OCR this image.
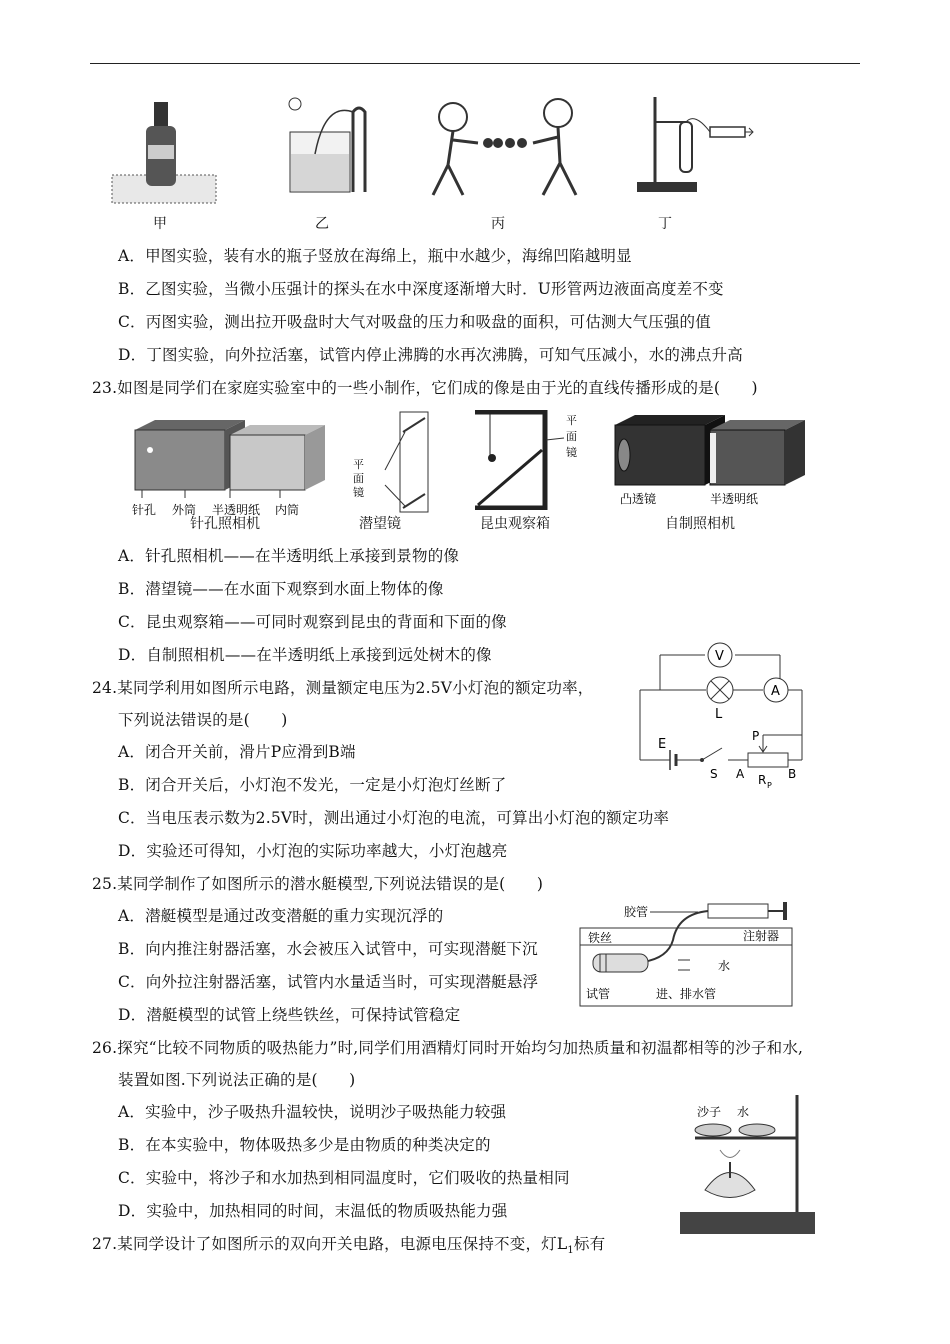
甲	乙	丙	丁
A．甲图实验，装有水的瓶子竖放在海绵上，瓶中水越少，海绵凹陷越明显
B．乙图实验，当微小压强计的探头在水中深度逐渐增大时．U形管两边液面高度差不变
C．丙图实验，测出拉开吸盘时大气对吸盘的压力和吸盘的面积，可估测大气压强的值
D．丁图实验，向外拉活塞，试管内停止沸腾的水再次沸腾，可知气压减小，水的沸点升高
23.如图是同学们在家庭实验室中的一些小制作，它们成的像是由于光的直线传播形成的是(　　)
针孔 外筒 半透明纸 内筒
针孔照相机
平
面
镜
潜望镜
平
面
镜
昆虫观察箱
凸透镜	半透明纸
自制照相机
A．针孔照相机——在半透明纸上承接到景物的像
B．潜望镜——在水面下观察到水面上物体的像
C．昆虫观察箱——可同时观察到昆虫的背面和下面的像
D．自制照相机——在半透明纸上承接到远处树木的像
24.某同学利用如图所示电路，测量额定电压为2.5V小灯泡的额定功率，
下列说法错误的是(　　)
V
L
A
E
S
P
A	B
R P
A．闭合开关前，滑片P应滑到B端
B．闭合开关后，小灯泡不发光，一定是小灯泡灯丝断了
C．当电压表示数为2.5V时，测出通过小灯泡的电流，可算出小灯泡的额定功率
D．实验还可得知，小灯泡的实际功率越大，小灯泡越亮
25.某同学制作了如图所示的潜水艇模型,下列说法错误的是(　　)
胶管
铁丝	注射器
水
试管	进、排水管
A．潜艇模型是通过改变潜艇的重力实现沉浮的
B．向内推注射器活塞，水会被压入试管中，可实现潜艇下沉
C．向外拉注射器活塞，试管内水量适当时，可实现潜艇悬浮
D．潜艇模型的试管上绕些铁丝，可保持试管稳定
26.探究“比较不同物质的吸热能力”时,同学们用酒精灯同时开始均匀加热质量和初温都相等的沙子和水,
装置如图.下列说法正确的是(　　)
沙子 水
A．实验中，沙子吸热升温较快，说明沙子吸热能力较强
B．在本实验中，物体吸热多少是由物质的种类决定的
C．实验中，将沙子和水加热到相同温度时，它们吸收的热量相同
D．实验中，加热相同的时间，末温低的物质吸热能力强
27.某同学设计了如图所示的双向开关电路，电源电压保持不变，灯$L_1$标有
